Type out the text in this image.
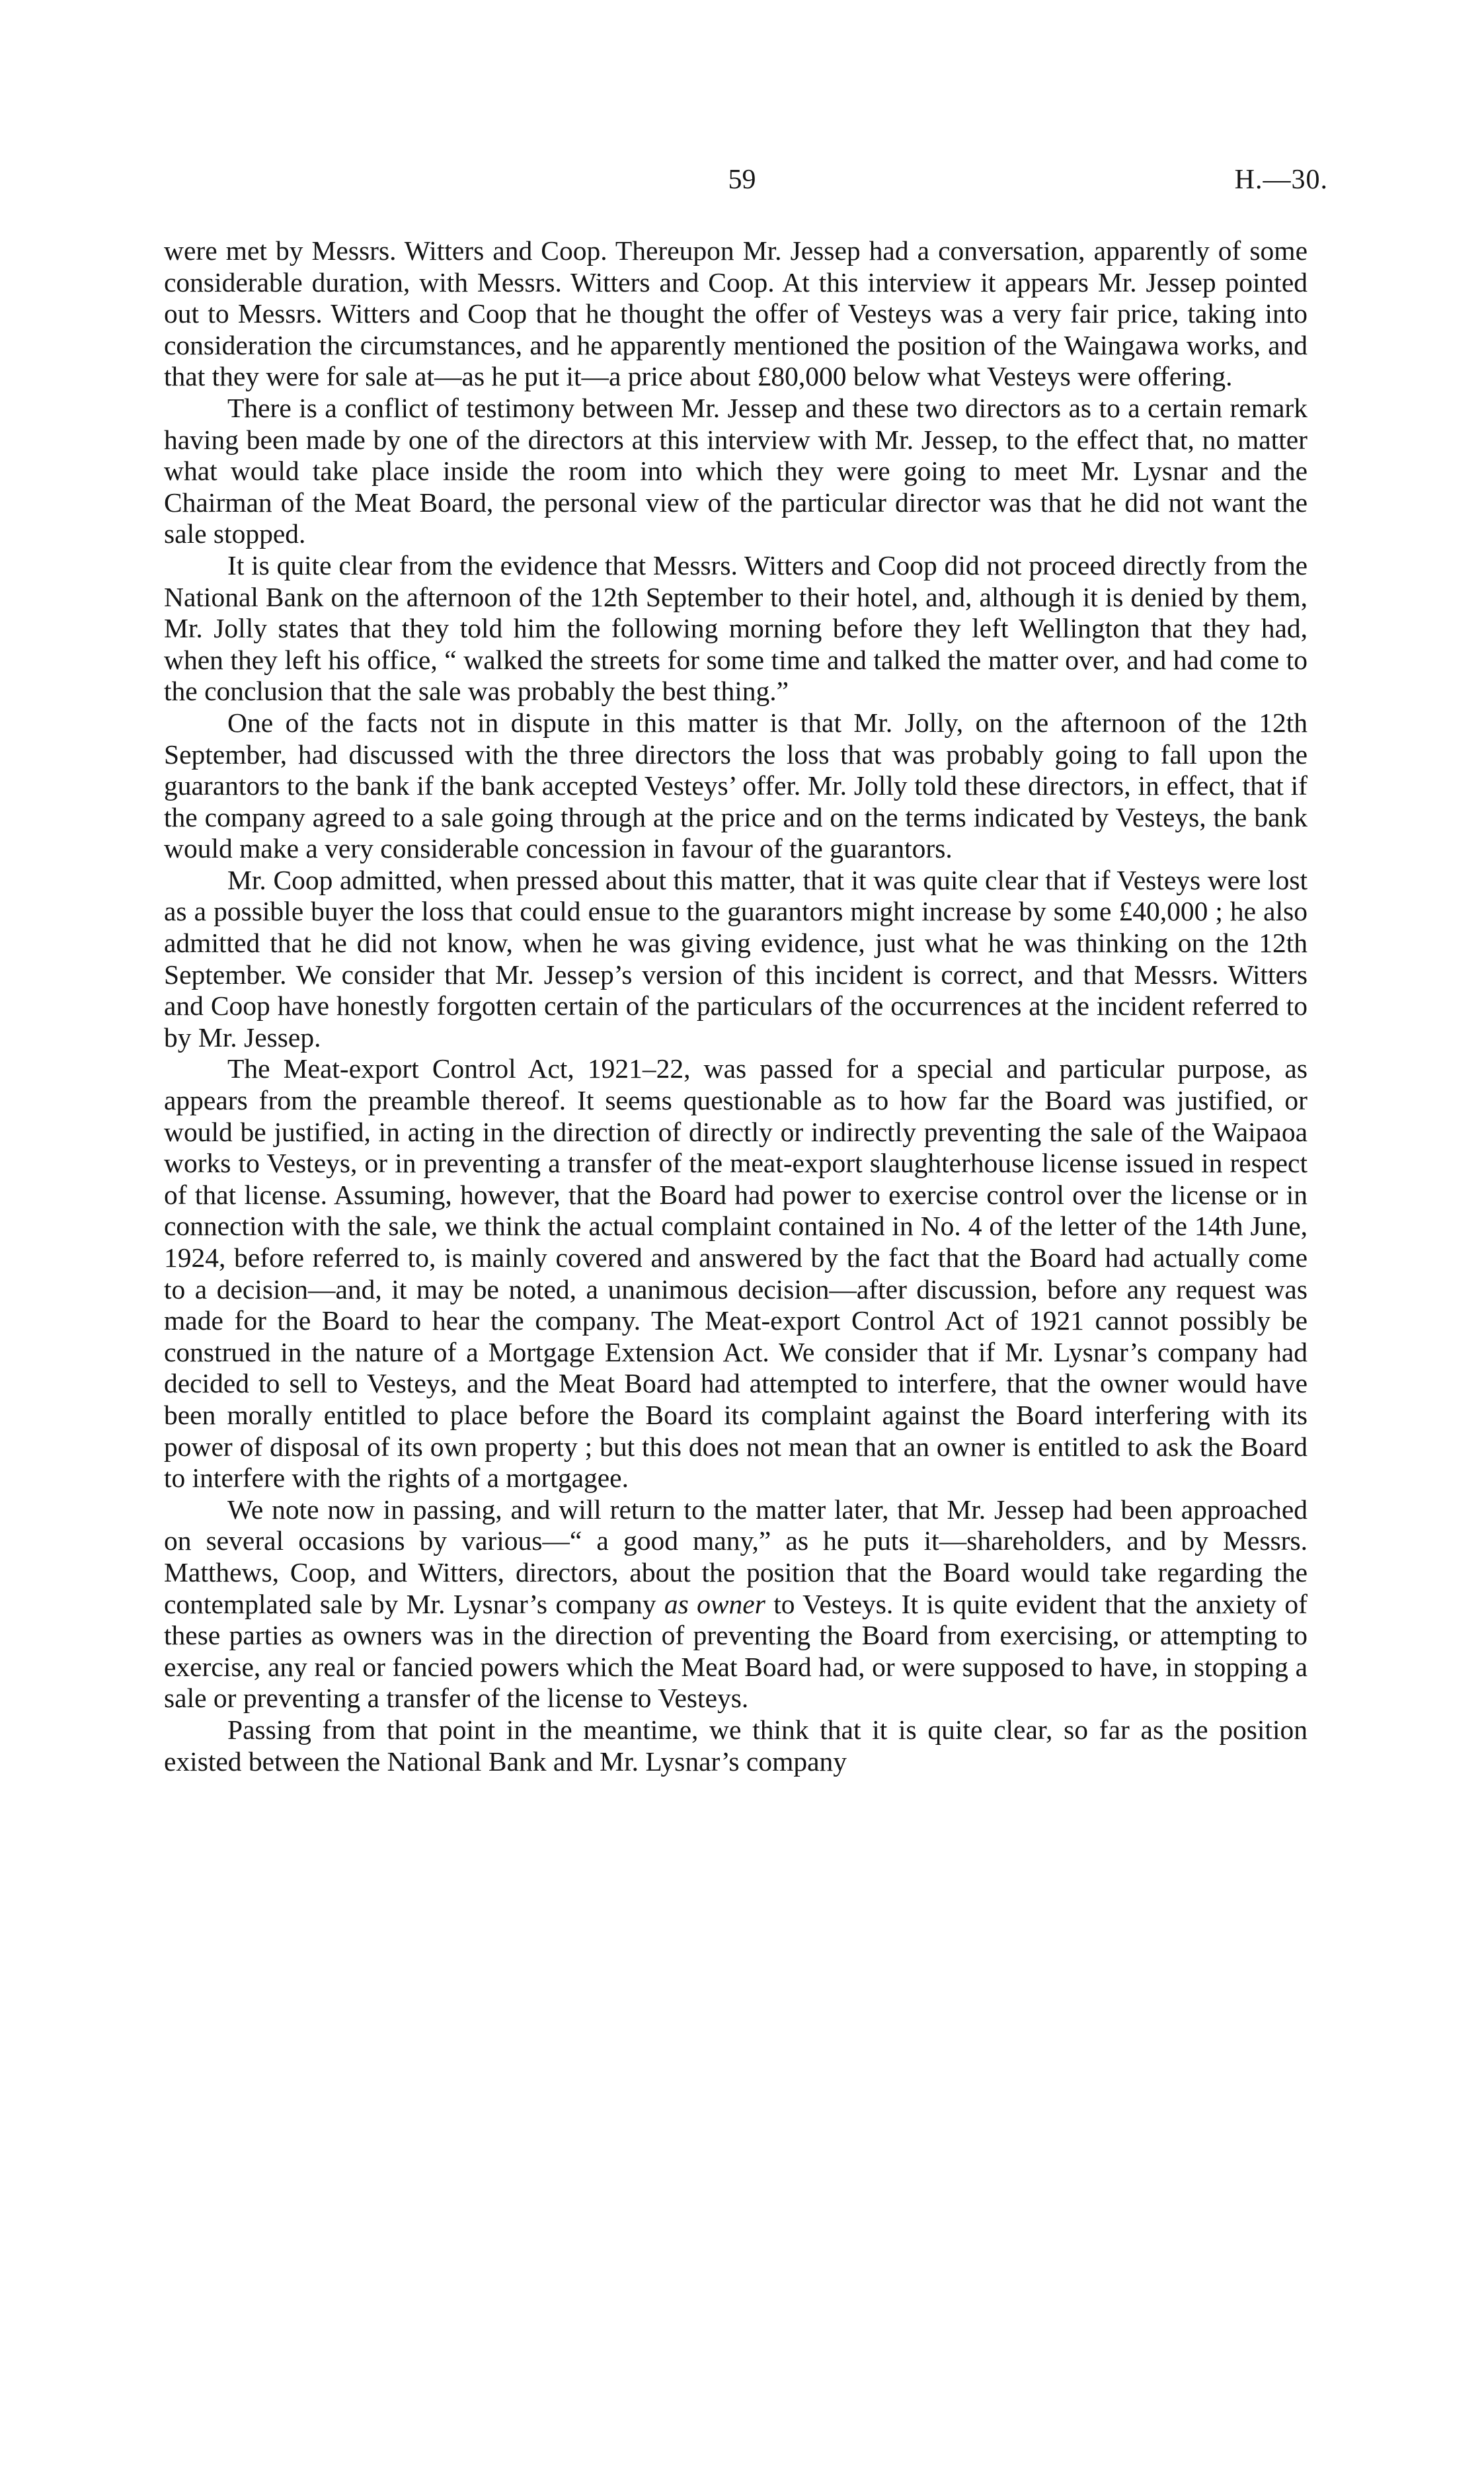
59	H.—30.

were met by Messrs. Witters and Coop. Thereupon Mr. Jessep had a conversation, apparently of some considerable duration, with Messrs. Witters and Coop. At this interview it appears Mr. Jessep pointed out to Messrs. Witters and Coop that he thought the offer of Vesteys was a very fair price, taking into consideration the circumstances, and he apparently mentioned the position of the Waingawa works, and that they were for sale at—as he put it—a price about £80,000 below what Vesteys were offering.

There is a conflict of testimony between Mr. Jessep and these two directors as to a certain remark having been made by one of the directors at this interview with Mr. Jessep, to the effect that, no matter what would take place inside the room into which they were going to meet Mr. Lysnar and the Chairman of the Meat Board, the personal view of the particular director was that he did not want the sale stopped.

It is quite clear from the evidence that Messrs. Witters and Coop did not proceed directly from the National Bank on the afternoon of the 12th September to their hotel, and, although it is denied by them, Mr. Jolly states that they told him the following morning before they left Wellington that they had, when they left his office, “ walked the streets for some time and talked the matter over, and had come to the conclusion that the sale was probably the best thing.”

One of the facts not in dispute in this matter is that Mr. Jolly, on the afternoon of the 12th September, had discussed with the three directors the loss that was probably going to fall upon the guarantors to the bank if the bank accepted Vesteys’ offer. Mr. Jolly told these directors, in effect, that if the company agreed to a sale going through at the price and on the terms indicated by Vesteys, the bank would make a very considerable concession in favour of the guarantors.

Mr. Coop admitted, when pressed about this matter, that it was quite clear that if Vesteys were lost as a possible buyer the loss that could ensue to the guarantors might increase by some £40,000 ; he also admitted that he did not know, when he was giving evidence, just what he was thinking on the 12th September. We consider that Mr. Jessep’s version of this incident is correct, and that Messrs. Witters and Coop have honestly forgotten certain of the particulars of the occurrences at the incident referred to by Mr. Jessep.

The Meat-export Control Act, 1921–22, was passed for a special and particular purpose, as appears from the preamble thereof. It seems questionable as to how far the Board was justified, or would be justified, in acting in the direction of directly or indirectly preventing the sale of the Waipaoa works to Vesteys, or in preventing a transfer of the meat-export slaughterhouse license issued in respect of that license. Assuming, however, that the Board had power to exercise control over the license or in connection with the sale, we think the actual complaint contained in No. 4 of the letter of the 14th June, 1924, before referred to, is mainly covered and answered by the fact that the Board had actually come to a decision—and, it may be noted, a unanimous decision—after discussion, before any request was made for the Board to hear the company. The Meat-export Control Act of 1921 cannot possibly be construed in the nature of a Mortgage Extension Act. We consider that if Mr. Lysnar’s company had decided to sell to Vesteys, and the Meat Board had attempted to interfere, that the owner would have been morally entitled to place before the Board its complaint against the Board interfering with its power of disposal of its own property ; but this does not mean that an owner is entitled to ask the Board to interfere with the rights of a mortgagee.

We note now in passing, and will return to the matter later, that Mr. Jessep had been approached on several occasions by various—“ a good many,” as he puts it—shareholders, and by Messrs. Matthews, Coop, and Witters, directors, about the position that the Board would take regarding the contemplated sale by Mr. Lysnar’s company as owner to Vesteys. It is quite evident that the anxiety of these parties as owners was in the direction of preventing the Board from exercising, or attempting to exercise, any real or fancied powers which the Meat Board had, or were supposed to have, in stopping a sale or preventing a transfer of the license to Vesteys.

Passing from that point in the meantime, we think that it is quite clear, so far as the position existed between the National Bank and Mr. Lysnar’s company
